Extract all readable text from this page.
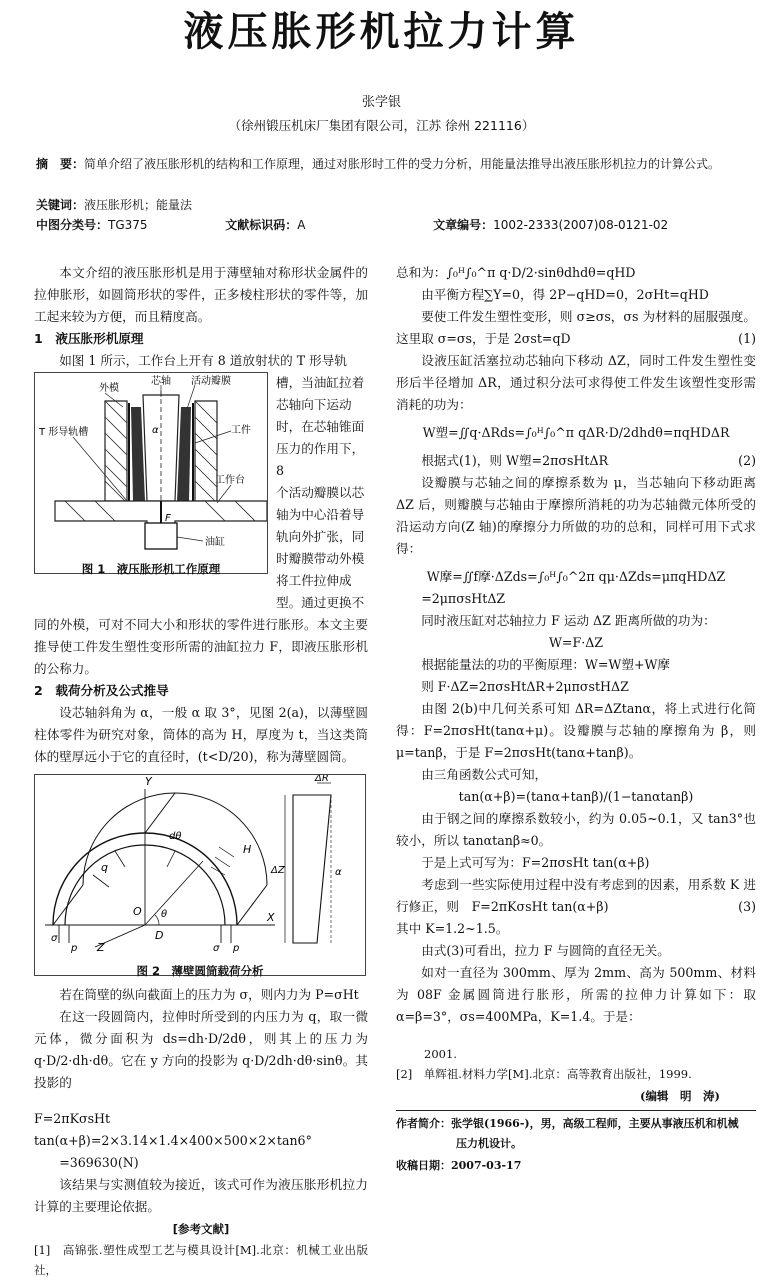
液压胀形机拉力计算
张学银
（徐州锻压机床厂集团有限公司，江苏 徐州 221116）
摘　要：简单介绍了液压胀形机的结构和工作原理，通过对胀形时工件的受力分析，用能量法推导出液压胀形机拉力的计算公式。
关键词：液压胀形机；能量法
中图分类号：TG375	文献标识码：A	文章编号：1002-2333(2007)08-0121-02

本文介绍的液压胀形机是用于薄壁轴对称形状金属件的拉伸胀形，如圆筒形状的零件，正多棱柱形状的零件等，加工起来较为方便，而且精度高。

1　液压胀形机原理

如图 1 所示，工作台上开有 8 道放射状的 T 形导轨

外模
芯轴 活动瓣膜
工件
T 形导轨槽
工作台
α
F
油缸
图 1　液压胀形机工作原理
槽，当油缸拉着
芯轴向下运动
时，在芯轴锥面
压力的作用下，8
个活动瓣膜以芯
轴为中心沿着导
轨向外扩张，同
时瓣膜带动外模
将工件拉伸成
型。通过更换不

同的外模，可对不同大小和形状的零件进行胀形。本文主要推导使工件发生塑性变形所需的油缸拉力 F，即液压胀形机的公称力。

2　载荷分析及公式推导

设芯轴斜角为 α，一般 α 取 3°，见图 2(a)，以薄壁圆柱体零件为研究对象，筒体的高为 H，厚度为 t，当这类筒体的壁厚远小于它的直径时，(t<D/20)，称为薄壁圆筒。

Y
X
Z
O
D
H
q
dθ
θ
σ
p	σ p
ΔR
ΔZ	α
图 2　薄壁圆筒载荷分析

若在筒壁的纵向截面上的压力为 σ，则内力为 P=σHt

在这一段圆筒内，拉伸时所受到的内压力为 q，取一微元体，微分面积为 ds=dh·D/2dθ，则其上的压力为 q·D/2·dh·dθ。它在 y 方向的投影为 q·D/2dh·dθ·sinθ。其投影的

F=2πKσsHt tan(α+β)=2×3.14×1.4×400×500×2×tan6°

=369630(N)

该结果与实测值较为接近，该式可作为液压胀形机拉力计算的主要理论依据。

[参考文献]

[1]　高锦张.塑性成型工艺与模具设计[M].北京：机械工业出版社，

总和为：∫₀ᴴ∫₀^π q·D/2·sinθdhdθ=qHD

由平衡方程∑Y=0，得 2P−qHD=0，2σHt=qHD

要使工件发生塑性变形，则 σ≥σs，σs 为材料的屈服强度。这里取 σ=σs，于是 2σst=qD	(1)

设液压缸活塞拉动芯轴向下移动 ΔZ，同时工件发生塑性变形后半径增加 ΔR，通过积分法可求得使工件发生该塑性变形需消耗的功为：

W塑=∬q·ΔRds=∫₀ᴴ∫₀^π qΔR·D/2dhdθ=πqHDΔR

根据式(1)，则 W塑=2πσsHtΔR	(2)

设瓣膜与芯轴之间的摩擦系数为 μ，当芯轴向下移动距离 ΔZ 后，则瓣膜与芯轴由于摩擦所消耗的功为芯轴微元体所受的沿运动方向(Z 轴)的摩擦分力所做的功的总和，同样可用下式求得：

W摩=∬f摩·ΔZds=∫₀ᴴ∫₀^2π qμ·ΔZds=μπqHDΔZ

=2μπσsHtΔZ

同时液压缸对芯轴拉力 F 运动 ΔZ 距离所做的功为：

W=F·ΔZ

根据能量法的功的平衡原理：W=W塑+W摩

则 F·ΔZ=2πσsHtΔR+2μπσstHΔZ

由图 2(b)中几何关系可知 ΔR=ΔZtanα，将上式进行化简得：F=2πσsHt(tanα+μ)。设瓣膜与芯轴的摩擦角为 β，则 μ=tanβ，于是 F=2πσsHt(tanα+tanβ)。

由三角函数公式可知，

tan(α+β)=(tanα+tanβ)/(1−tanαtanβ)

由于钢之间的摩擦系数较小，约为 0.05~0.1，又 tan3°也较小，所以 tanαtanβ≈0。

于是上式可写为：F=2πσsHt tan(α+β)

考虑到一些实际使用过程中没有考虑到的因素，用系数 K 进行修正，则　F=2πKσsHt tan(α+β)	(3)

其中 K=1.2~1.5。

由式(3)可看出，拉力 F 与圆筒的直径无关。

如对一直径为 300mm、厚为 2mm、高为 500mm、材料为 08F 金属圆筒进行胀形，所需的拉伸力计算如下：取 α=β=3°，σs=400MPa，K=1.4。于是：

2001.
[2]　单辉祖.材料力学[M].北京：高等教育出版社，1999.
(编辑　明　涛)
作者简介：张学银(1966-)，男，高级工程师，主要从事液压机和机械
压力机设计。
收稿日期：2007-03-17
